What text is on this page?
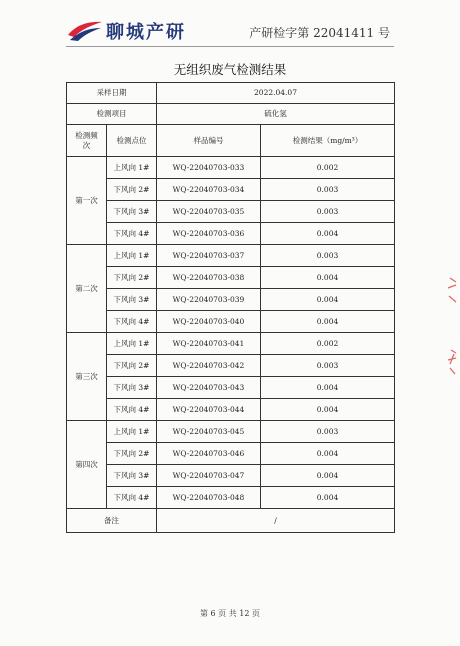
聊城产研	产研检字第 22041411 号
无组织废气检测结果
采样日期		2022.04.07	
检测项目		硫化氢	
检测频次	检测点位	样品编号	检测结果（mg/m³）
第一次	上风向 1#	WQ-22040703-033	0.002
	下风向 2#	WQ-22040703-034	0.003
	下风向 3#	WQ-22040703-035	0.003
	下风向 4#	WQ-22040703-036	0.004
第二次	上风向 1#	WQ-22040703-037	0.003
	下风向 2#	WQ-22040703-038	0.004
	下风向 3#	WQ-22040703-039	0.004
	下风向 4#	WQ-22040703-040	0.004
第三次	上风向 1#	WQ-22040703-041	0.002
	下风向 2#	WQ-22040703-042	0.003
	下风向 3#	WQ-22040703-043	0.004
	下风向 4#	WQ-22040703-044	0.004
第四次	上风向 1#	WQ-22040703-045	0.003
	下风向 2#	WQ-22040703-046	0.004
	下风向 3#	WQ-22040703-047	0.004
	下风向 4#	WQ-22040703-048	0.004
备注		/	
第 6 页 共 12 页
